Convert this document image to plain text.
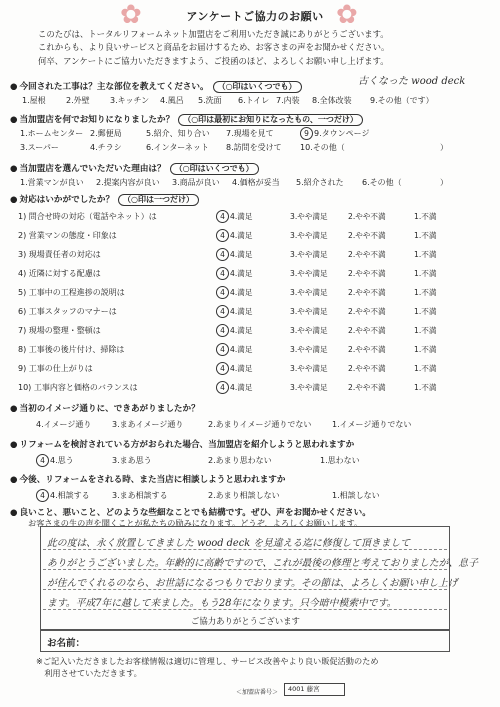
✿	アンケートご協力のお願い ✿
このたびは、トータルリフォームネット加盟店をご利用いただき誠にありがとうございます。
これからも、より良いサービスと商品をお届けするため、お客さまの声をお聞かせください。
何卒、アンケートにご協力いただきますよう、ご投函のほど、よろしくお願い申し上げます。
● 今回された工事は？主な部位を教えてください。 （○印はいくつでも）	古くなった wood deck
1.屋根	2.外壁	3.キッチン 4.風呂 5.洗面 6.トイレ 7.内装 8.全体改装 9.その他（です）
● 当加盟店を何でお知りになりましたか？ （○印は最初にお知りになったもの、一つだけ）
1.ホームセンター 2.郵便局	5.紹介、知り合い 7.現場を見て	9 9.タウンページ
3.スーパー	4.チラシ	6.インターネット 8.訪問を受けて 10.その他（	）
● 当加盟店を選んでいただいた理由は？ （○印はいくつでも）
1.営業マンが良い 2.提案内容が良い 3.商品が良い 4.価格が妥当 5.紹介された 6.その他（	）
● 対応はいかがでしたか？ （○印は一つだけ）
1) 問合せ時の対応（電話やネット）は	4 4.満足	3.やや満足	2.やや不満	1.不満
2) 営業マンの態度・印象は	4 4.満足	3.やや満足	2.やや不満	1.不満
3) 現場責任者の対応は	4 4.満足	3.やや満足	2.やや不満	1.不満
4) 近隣に対する配慮は	4 4.満足	3.やや満足	2.やや不満	1.不満
5) 工事中の工程進捗の説明は	4 4.満足	3.やや満足	2.やや不満	1.不満
6) 工事スタッフのマナーは	4 4.満足	3.やや満足	2.やや不満	1.不満
7) 現場の整理・整頓は	4 4.満足	3.やや満足	2.やや不満	1.不満
8) 工事後の後片付け、掃除は	4 4.満足	3.やや満足	2.やや不満	1.不満
9) 工事の仕上がりは	4 4.満足	3.やや満足	2.やや不満	1.不満
10) 工事内容と価格のバランスは	4 4.満足	3.やや満足	2.やや不満	1.不満
● 当初のイメージ通りに、できあがりましたか？
4.イメージ通り	3.まあイメージ通り	2.あまりイメージ通りでない	1.イメージ通りでない
● リフォームを検討されている方がおられた場合、当加盟店を紹介しようと思われますか
4 4.思う	3.まあ思う	2.あまり思わない	1.思わない
● 今後、リフォームをされる時、また当店に相談しようと思われますか
4 4.相談する	3.まあ相談する	2.あまり相談しない	1.相談しない
● 良いこと、悪いこと、どのような些細なことでも結構です。ぜひ、声をお聞かせください。
お客さまの生の声を聞くことが私たちの励みになります。どうぞ、よろしくお願いします。
此の度は、永く放置してきました wood deck を見違える迄に修復して頂きまして
ありがとうございました。年齢的に高齢ですので、これが最後の修理と考えておりましたが、息子
が住んでくれるのなら、お世話になるつもりでおります。その節は、よろしくお願い申し上げ
ます。平成7年に越して来ました。もう28年になります。只今暗中模索中です。
ご協力ありがとうございます
お名前：
※ご記入いただきましたお客様情報は適切に管理し、サービス改善やより良い販促活動のため
　利用させていただきます。
＜加盟店番号＞	4001 藤宮
